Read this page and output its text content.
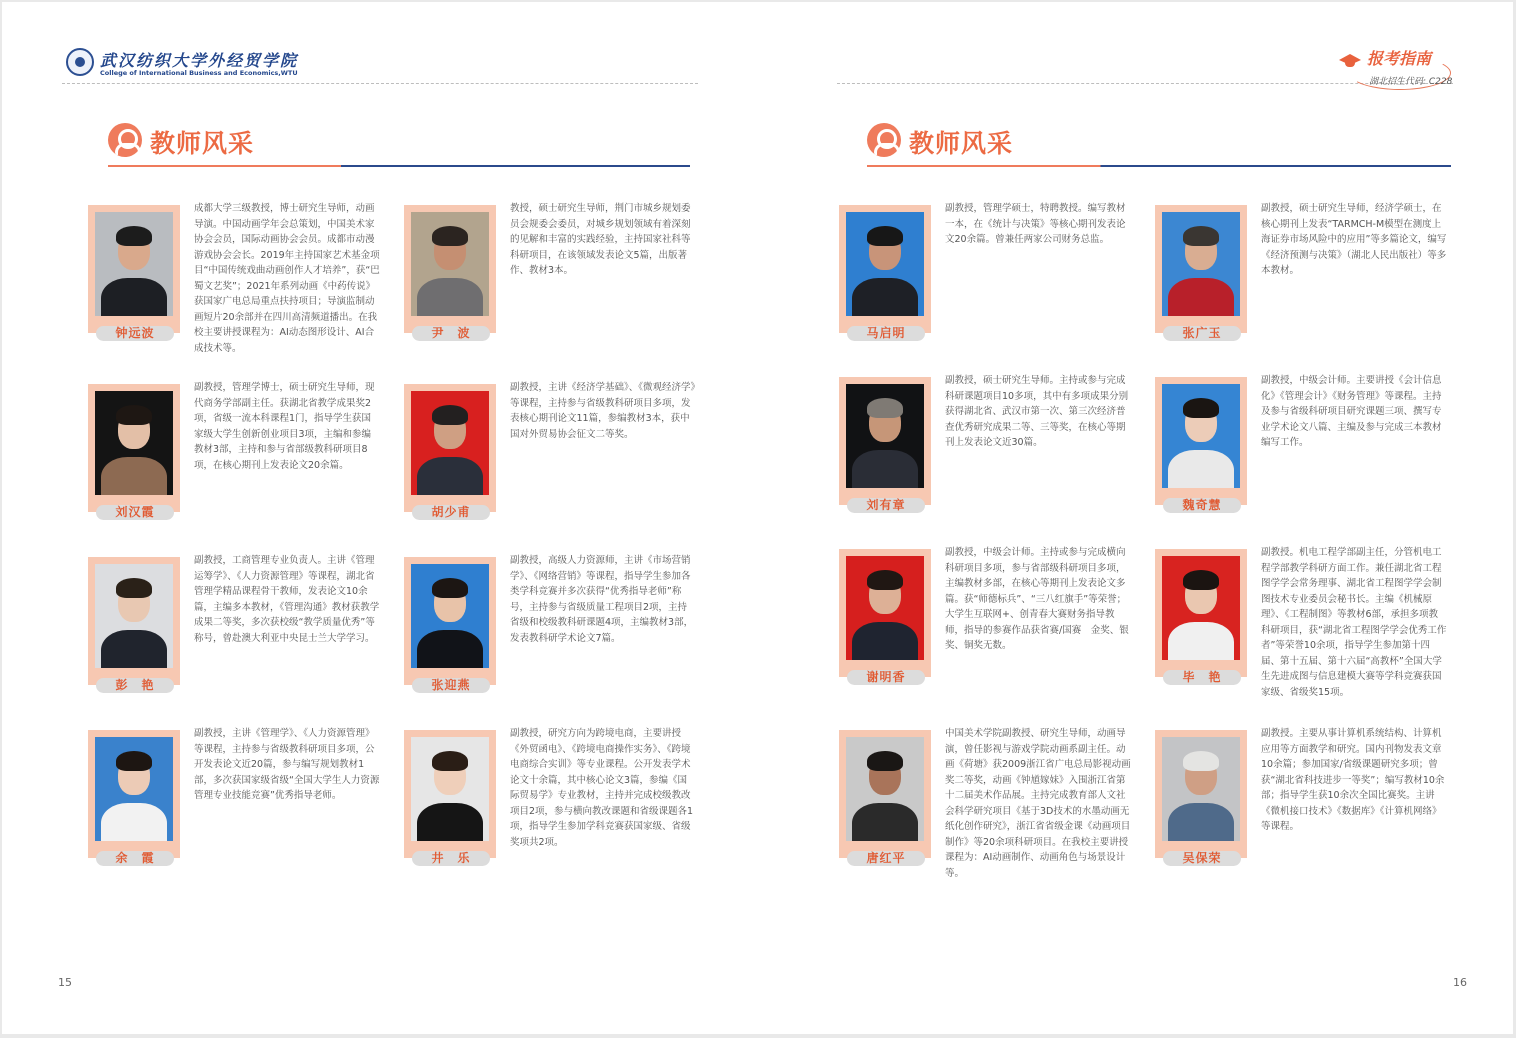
武汉纺织大学外经贸学院
College of International Business and Economics,WTU
教师风采
钟远波
成都大学三级教授，博士研究生导师，动画导演。中国动画学年会总策划，中国美术家协会会员，国际动画协会会员。成都市动漫游戏协会会长。2019年主持国家艺术基金项目“中国传统戏曲动画创作人才培养”，获“巴蜀文艺奖”；2021年系列动画《中药传说》获国家广电总局重点扶持项目；导演监制动画短片20余部并在四川高清频道播出。在我校主要讲授课程为：AI动态图形设计、AI合成技术等。
尹　波
教授，硕士研究生导师，荆门市城乡规划委员会规委会委员，对城乡规划领域有着深刻的见解和丰富的实践经验，主持国家社科等科研项目，在该领域发表论文5篇，出版著作、教材3本。
刘汉霞
副教授，管理学博士，硕士研究生导师，现代商务学部副主任。获湖北省教学成果奖2项，省级一流本科课程1门，指导学生获国家级大学生创新创业项目3项，主编和参编教材3部，主持和参与省部级教科研项目8项，在核心期刊上发表论文20余篇。
胡少甫
副教授，主讲《经济学基础》、《微观经济学》等课程，主持参与省级教科研项目多项，发表核心期刊论文11篇，参编教材3本，获中国对外贸易协会征文二等奖。
彭　艳
副教授，工商管理专业负责人。主讲《管理运筹学》、《人力资源管理》等课程，湖北省管理学精品课程骨干教师，发表论文10余篇，主编多本教材，《管理沟通》教材获教学成果二等奖，多次获校级“教学质量优秀”等称号，曾赴澳大利亚中央昆士兰大学学习。
张迎燕
副教授，高级人力资源师，主讲《市场营销学》、《网络营销》等课程，指导学生参加各类学科竞赛并多次获得“优秀指导老师”称号，主持参与省级质量工程项目2项，主持省级和校级教科研课题4项，主编教材3部，发表教科研学术论文7篇。
余　霞
副教授，主讲《管理学》、《人力资源管理》等课程，主持参与省级教科研项目多项，公开发表论文近20篇，参与编写规划教材1部，多次获国家级省级“全国大学生人力资源管理专业技能竞赛”优秀指导老师。
井　乐
副教授，研究方向为跨境电商，主要讲授《外贸函电》、《跨境电商操作实务》、《跨境电商综合实训》等专业课程。公开发表学术论文十余篇，其中核心论文3篇，参编《国际贸易学》专业教材，主持并完成校级教改项目2项，参与横向教改课题和省级课题各1项，指导学生参加学科竞赛获国家级、省级奖项共2项。
15
报考指南
湖北招生代码: C228
教师风采
马启明
副教授，管理学硕士，特聘教授。编写教材一本，在《统计与决策》等核心期刊发表论文20余篇。曾兼任两家公司财务总监。
张广玉
副教授，硕士研究生导师，经济学硕士，在核心期刊上发表“TARMCH-M模型在测度上海证券市场风险中的应用”等多篇论文，编写《经济预测与决策》（湖北人民出版社）等多本教材。
刘有章
副教授，硕士研究生导师。主持或参与完成科研课题项目10多项，其中有多项成果分别获得湖北省、武汉市第一次、第三次经济普查优秀研究成果二等、三等奖，在核心等期刊上发表论文近30篇。
魏奇慧
副教授，中级会计师。主要讲授《会计信息化》《管理会计》《财务管理》等课程。主持及参与省级科研项目研究课题三项、撰写专业学术论文八篇、主编及参与完成三本教材编写工作。
谢明香
副教授，中级会计师。主持或参与完成横向科研项目多项，参与省部级科研项目多项，主编教材多部，在核心等期刊上发表论文多篇。获“师德标兵”、“三八红旗手”等荣誉；大学生互联网+、创青春大赛财务指导教师，指导的参赛作品获省赛/国赛　金奖、银奖、铜奖无数。
毕　艳
副教授。机电工程学部副主任，分管机电工程学部教学科研方面工作。兼任湖北省工程图学学会常务理事、湖北省工程图学学会制图技术专业委员会秘书长。主编《机械原理》、《工程制图》等教材6部，承担多项教科研项目，获“湖北省工程图学学会优秀工作者”等荣誉10余项，指导学生参加第十四届、第十五届、第十六届“高教杯”全国大学生先进成图与信息建模大赛等学科竞赛获国家级、省级奖15项。
唐红平
中国美术学院副教授、研究生导师，动画导演，曾任影视与游戏学院动画系副主任。动画《荷塘》获2009浙江省广电总局影视动画奖二等奖，动画《钟馗嫁妹》入围浙江省第十二届美术作品展。主持完成教育部人文社会科学研究项目《基于3D技术的水墨动画无纸化创作研究》，浙江省省级金课《动画项目制作》等20余项科研项目。在我校主要讲授课程为：AI动画制作、动画角色与场景设计等。
吴保荣
副教授。主要从事计算机系统结构、计算机应用等方面教学和研究。国内刊物发表文章10余篇；参加国家/省级课题研究多项；曾获“湖北省科技进步一等奖”；编写教材10余部；指导学生获10余次全国比赛奖。主讲《微机接口技术》《数据库》《计算机网络》等课程。
16
